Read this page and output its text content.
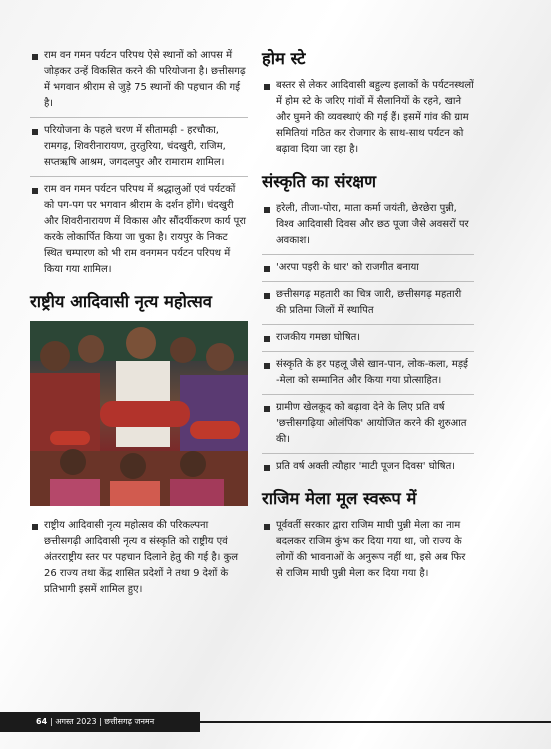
राम वन गमन पर्यटन परिपथ ऐसे स्थानों को आपस में जोड़कर उन्हें विकसित करने की परियोजना है। छत्तीसगढ़ में भगवान श्रीराम से जुड़े 75 स्थानों की पहचान की गई है।

परियोजना के पहले चरण में सीतामढ़ी - हरचौका, रामगढ़, शिवरीनारायण, तुरतुरिया, चंदखुरी, राजिम, सप्तऋषि आश्रम, जगदलपुर और रामाराम शामिल।

राम वन गमन पर्यटन परिपथ में श्रद्धालुओं एवं पर्यटकों को पग-पग पर भगवान श्रीराम के दर्शन होंगे। चंदखुरी और शिवरीनारायण में विकास और सौंदर्यीकरण कार्य पूरा करके लोकार्पित किया जा चुका है। रायपुर के निकट स्थित चम्पारण को भी राम वनगमन पर्यटन परिपथ में किया गया शामिल।

राष्ट्रीय आदिवासी नृत्य महोत्सव

राष्ट्रीय आदिवासी नृत्य महोत्सव की परिकल्पना छत्तीसगढ़ी आदिवासी नृत्य व संस्कृति को राष्ट्रीय एवं अंतरराष्ट्रीय स्तर पर पहचान दिलाने हेतु की गई है। कुल 26 राज्य तथा केंद्र शासित प्रदेशों ने तथा 9 देशों के प्रतिभागी इसमें शामिल हुए।

होम स्टे

बस्तर से लेकर आदिवासी बहुल्य इलाकों के पर्यटनस्थलों में होम स्टे के जरिए गांवों में सैलानियों के रहने, खाने और घुमने की व्यवस्थाएं की गई हैं। इसमें गांव की ग्राम समितियां गठित कर रोजगार के साथ-साथ पर्यटन को बढ़ावा दिया जा रहा है।

संस्कृति का संरक्षण

हरेली, तीजा-पोरा, माता कर्मा जयंती, छेरछेरा पुन्नी, विश्व आदिवासी दिवस और छठ पूजा जैसे अवसरों पर अवकाश।

'अरपा पइरी के धार' को राजगीत बनाया

छत्तीसगढ़ महतारी का चित्र जारी, छत्तीसगढ़ महतारी की प्रतिमा जिलों में स्थापित

राजकीय गमछा घोषित।

संस्कृति के हर पहलू जैसे खान-पान, लोक-कला, मड़ई -मेला को सम्मानित और किया गया प्रोत्साहित।

ग्रामीण खेलकूद को बढ़ावा देने के लिए प्रति वर्ष 'छत्तीसगढ़िया ओलंपिक' आयोजित करने की शुरुआत की।

प्रति वर्ष अक्ती त्यौहार 'माटी पूजन दिवस' घोषित।

राजिम मेला मूल स्वरूप में

पूर्ववर्ती सरकार द्वारा राजिम माघी पुन्नी मेला का नाम बदलकर राजिम कुंभ कर दिया गया था, जो राज्य के लोगों की भावनाओं के अनुरूप नहीं था, इसे अब फिर से राजिम माघी पुन्नी मेला कर दिया गया है।

64 | अगस्त 2023 | छत्तीसगढ़ जनमन
